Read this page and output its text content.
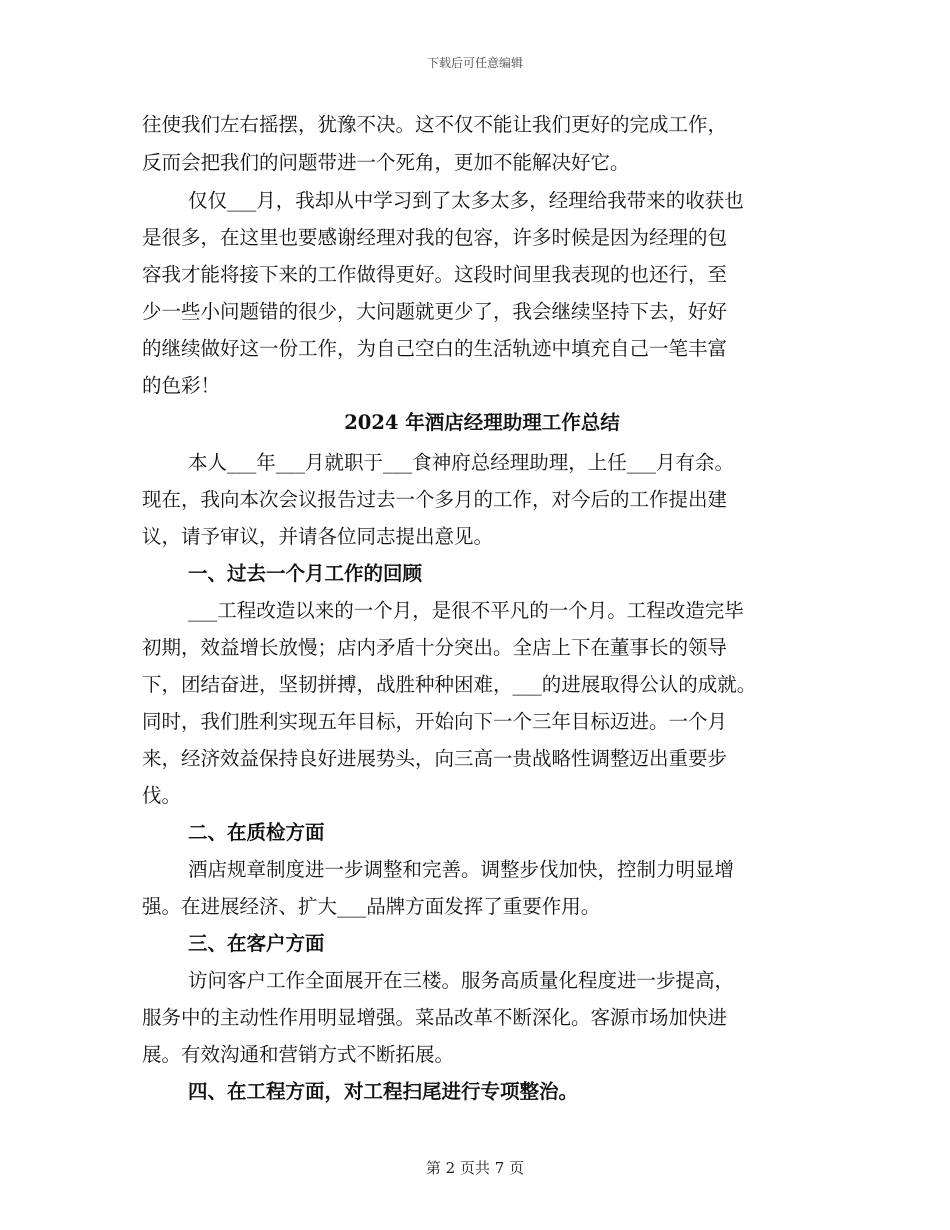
下载后可任意编辑
往使我们左右摇摆，犹豫不决。这不仅不能让我们更好的完成工作，
反而会把我们的问题带进一个死角，更加不能解决好它。
仅仅___月，我却从中学习到了太多太多，经理给我带来的收获也
是很多，在这里也要感谢经理对我的包容，许多时候是因为经理的包
容我才能将接下来的工作做得更好。这段时间里我表现的也还行，至
少一些小问题错的很少，大问题就更少了，我会继续坚持下去，好好
的继续做好这一份工作，为自己空白的生活轨迹中填充自己一笔丰富
的色彩！
2024 年酒店经理助理工作总结
本人___年___月就职于___食神府总经理助理，上任___月有余。
现在，我向本次会议报告过去一个多月的工作，对今后的工作提出建
议，请予审议，并请各位同志提出意见。
一、过去一个月工作的回顾
___工程改造以来的一个月，是很不平凡的一个月。工程改造完毕
初期，效益增长放慢；店内矛盾十分突出。全店上下在董事长的领导
下，团结奋进，坚韧拼搏，战胜种种困难，___的进展取得公认的成就。
同时，我们胜利实现五年目标，开始向下一个三年目标迈进。一个月
来，经济效益保持良好进展势头，向三高一贵战略性调整迈出重要步
伐。
二、在质检方面
酒店规章制度进一步调整和完善。调整步伐加快，控制力明显增
强。在进展经济、扩大___品牌方面发挥了重要作用。
三、在客户方面
访问客户工作全面展开在三楼。服务高质量化程度进一步提高，
服务中的主动性作用明显增强。菜品改革不断深化。客源市场加快进
展。有效沟通和营销方式不断拓展。
四、在工程方面，对工程扫尾进行专项整治。
第 2 页共 7 页
